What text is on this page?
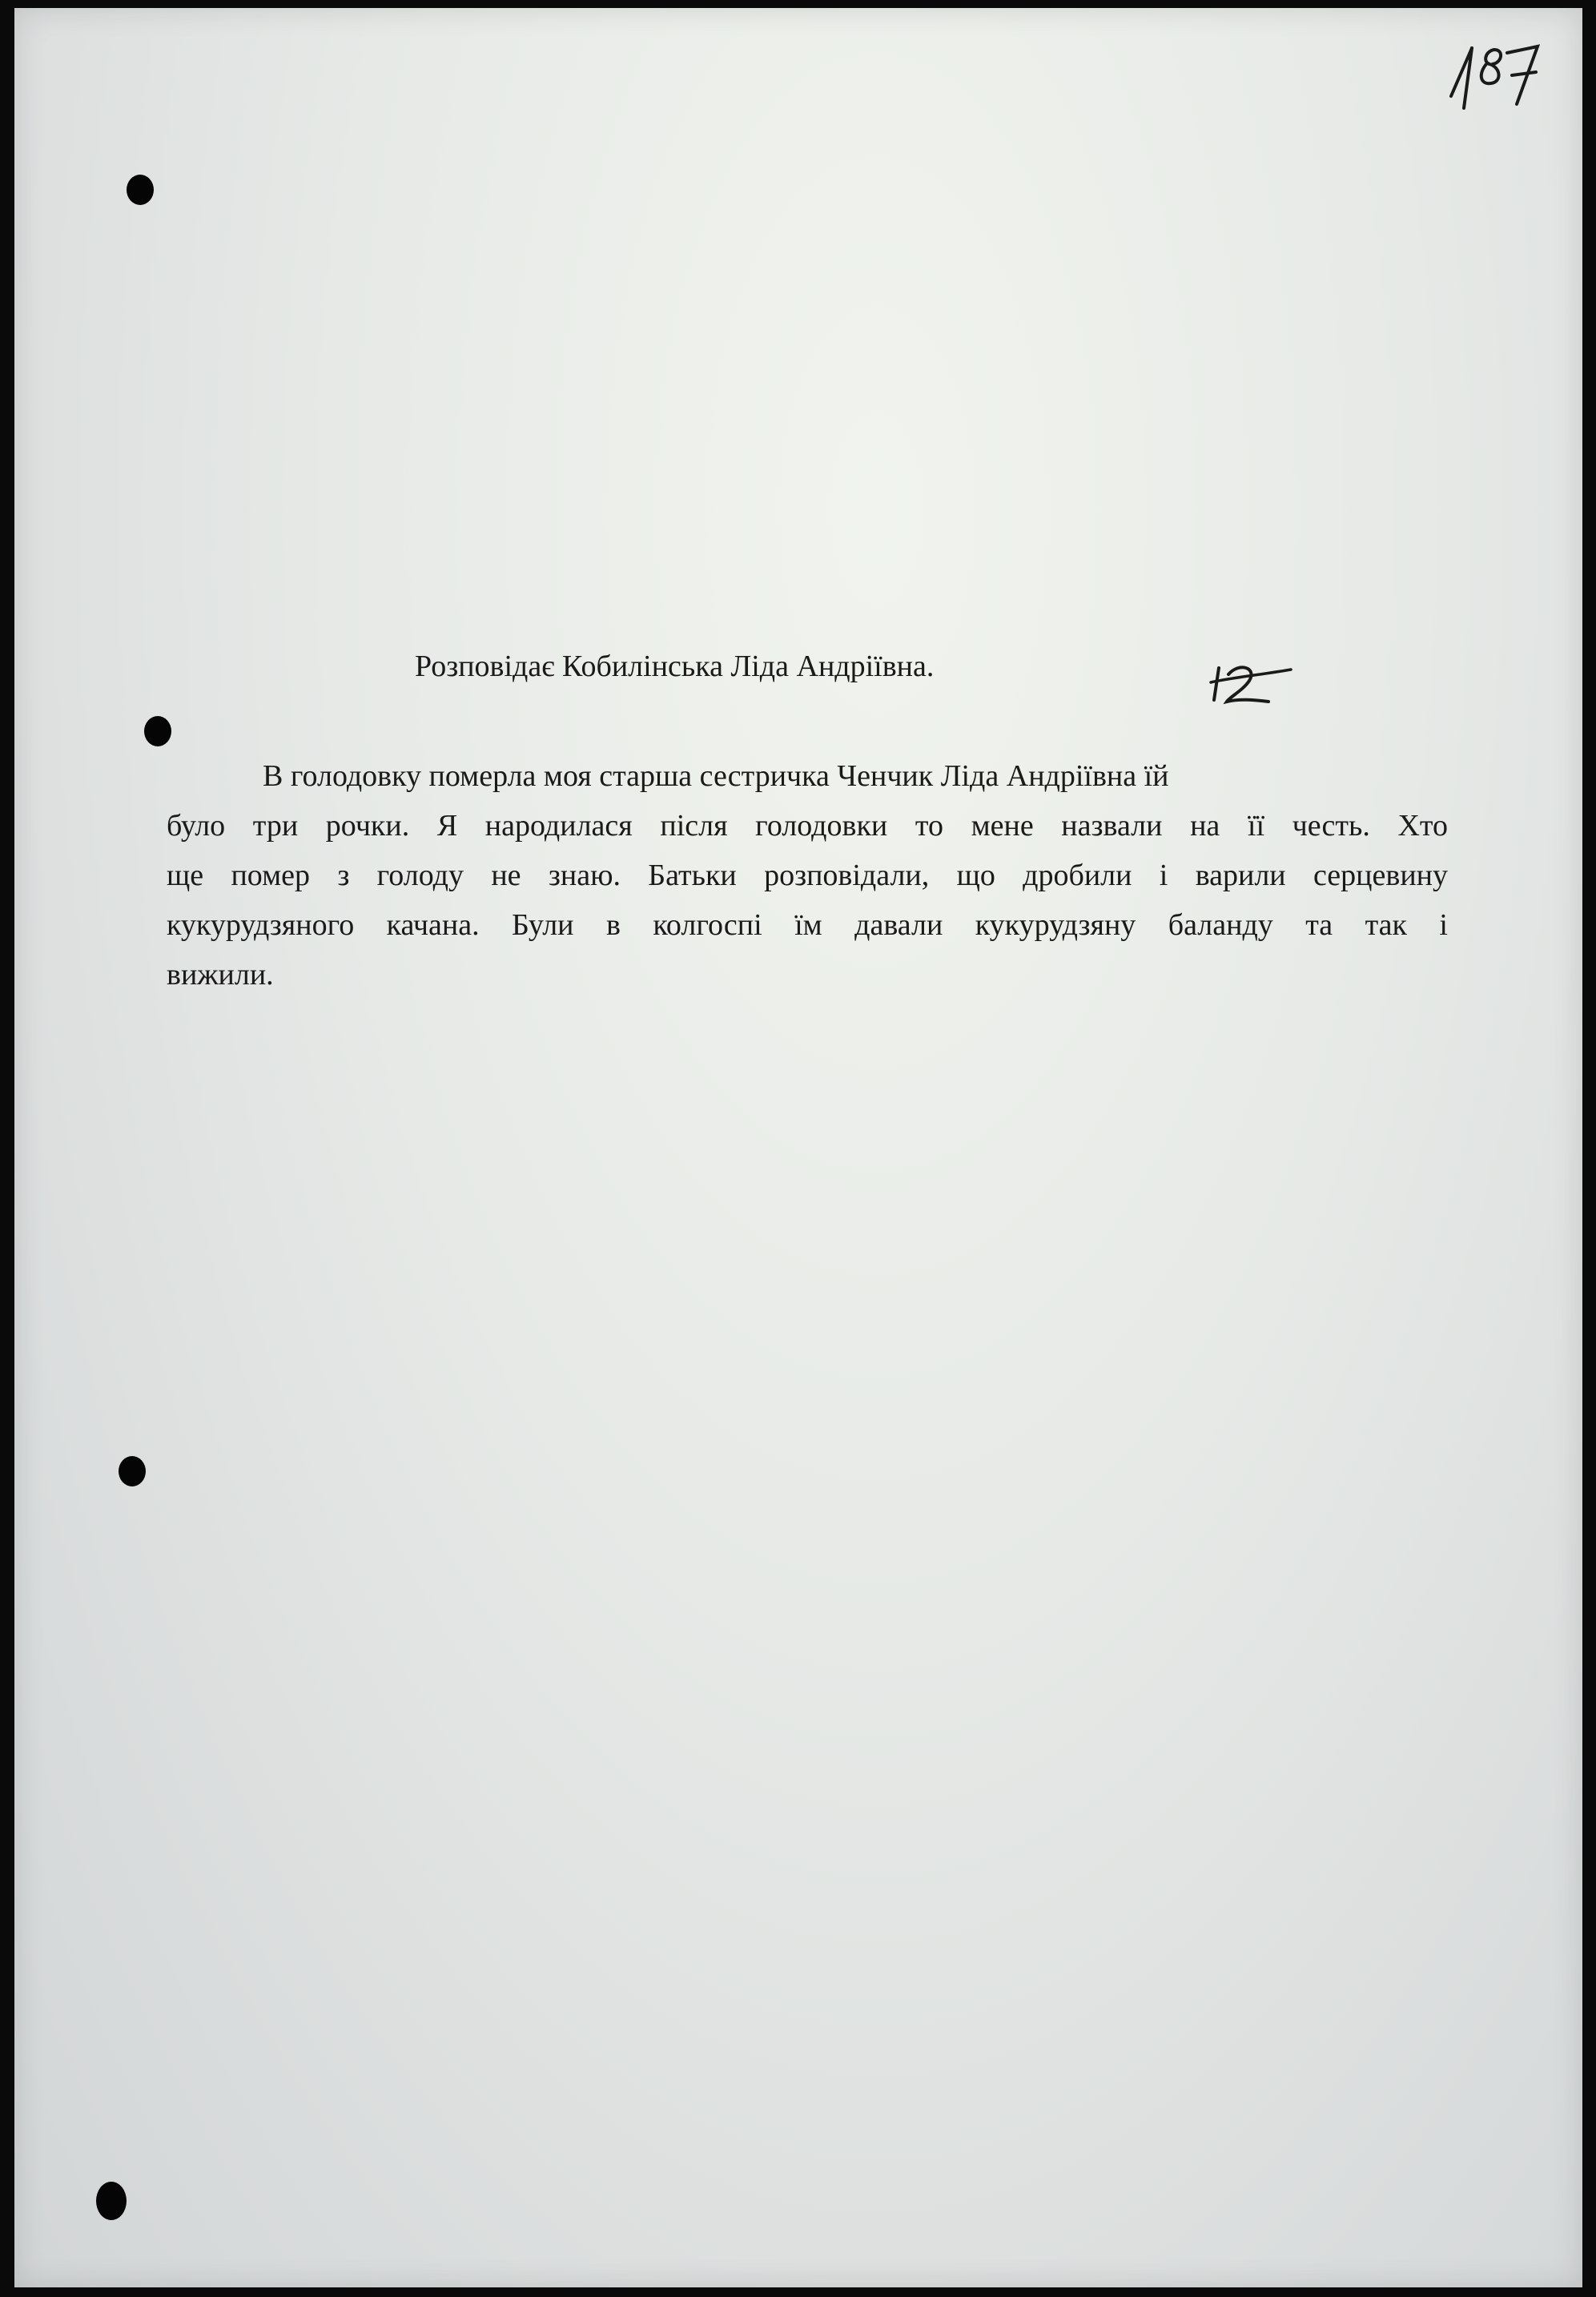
Розповідає Кобилінська Ліда Андріївна.
В голодовку померла моя старша сестричка Ченчик Ліда Андріївна їй
було три рочки. Я народилася після голодовки то мене назвали на її честь. Хто
ще помер з голоду не знаю. Батьки розповідали, що дробили і варили серцевину
кукурудзяного качана. Були в колгоспі їм давали кукурудзяну баланду та так і
вижили.
